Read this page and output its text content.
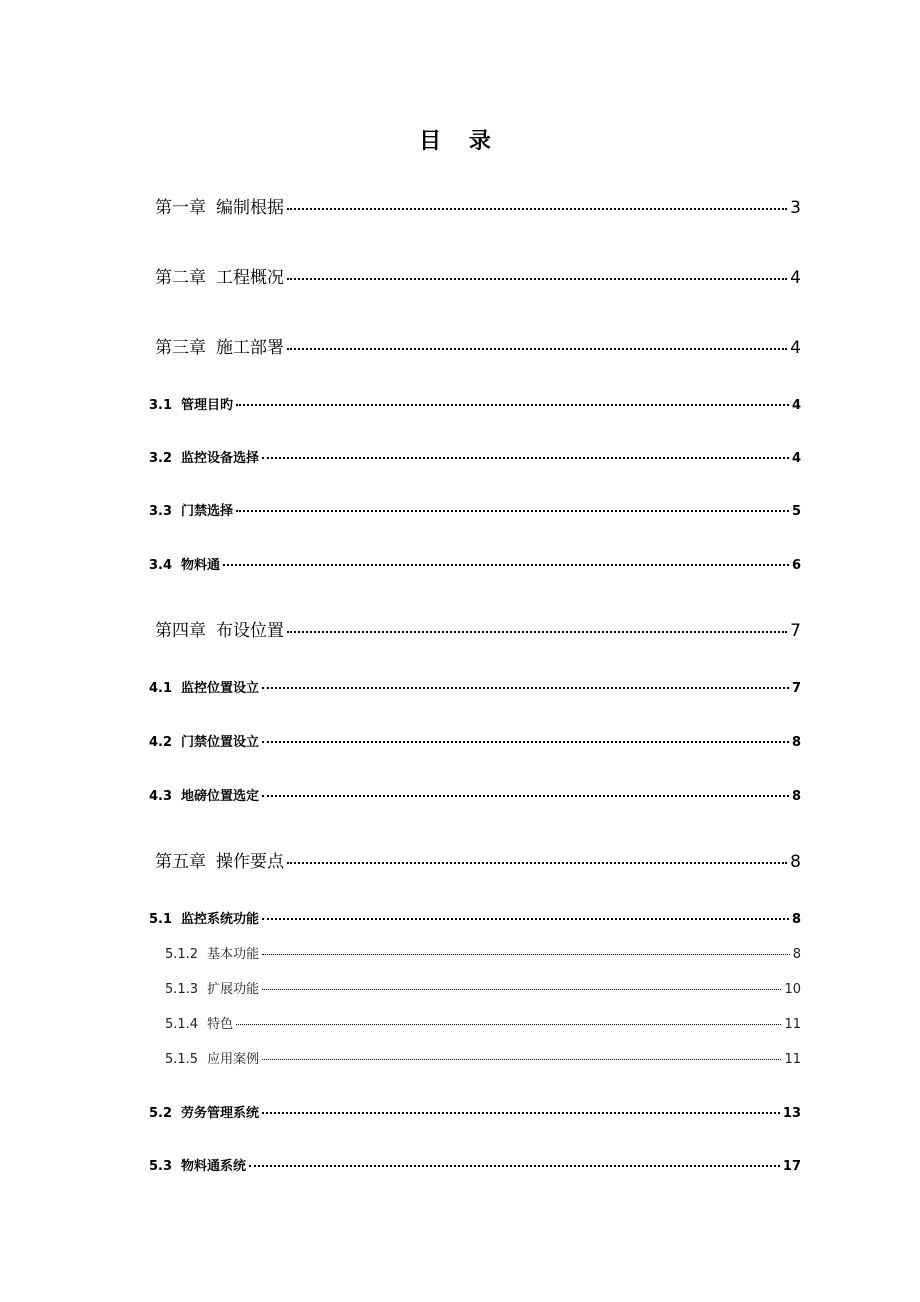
目 录
第一章 编制根据	3
第二章 工程概况	4
第三章 施工部署	4
3.1 管理目旳	4
3.2 监控设备选择	4
3.3 门禁选择	5
3.4 物料通	6
第四章 布设位置	7
4.1 监控位置设立	7
4.2 门禁位置设立	8
4.3 地磅位置选定	8
第五章 操作要点	8
5.1 监控系统功能	8
5.1.2 基本功能	8
5.1.3 扩展功能	10
5.1.4 特色	11
5.1.5 应用案例	11
5.2 劳务管理系统	13
5.3 物料通系统	17
